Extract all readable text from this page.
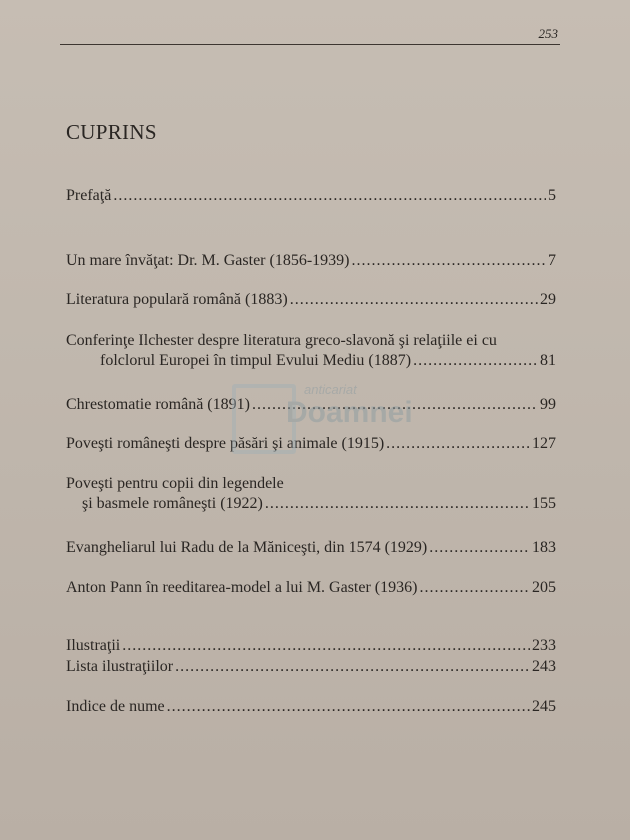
253
CUPRINS
Prefaţă .....	5
Un mare învăţat: Dr. M. Gaster (1856-1939) .....	7
Literatura populară română (1883) .....	29
Conferinţe Ilchester despre literatura greco-slavonă şi relaţiile ei cu
folclorul Europei în timpul Evului Mediu (1887) .....	81
Chrestomatie română (1891) .....	99
Poveşti româneşti despre păsări şi animale (1915) .....	127
Poveşti pentru copii din legendele
şi basmele româneşti (1922) .....	155
Evangheliarul lui Radu de la Măniceşti, din 1574 (1929) .....	183
Anton Pann în reeditarea-model a lui M. Gaster (1936) .....	205
Ilustraţii .....	233
Lista ilustraţiilor .....	243
Indice de nume .....	245
anticariat
Doamnei
